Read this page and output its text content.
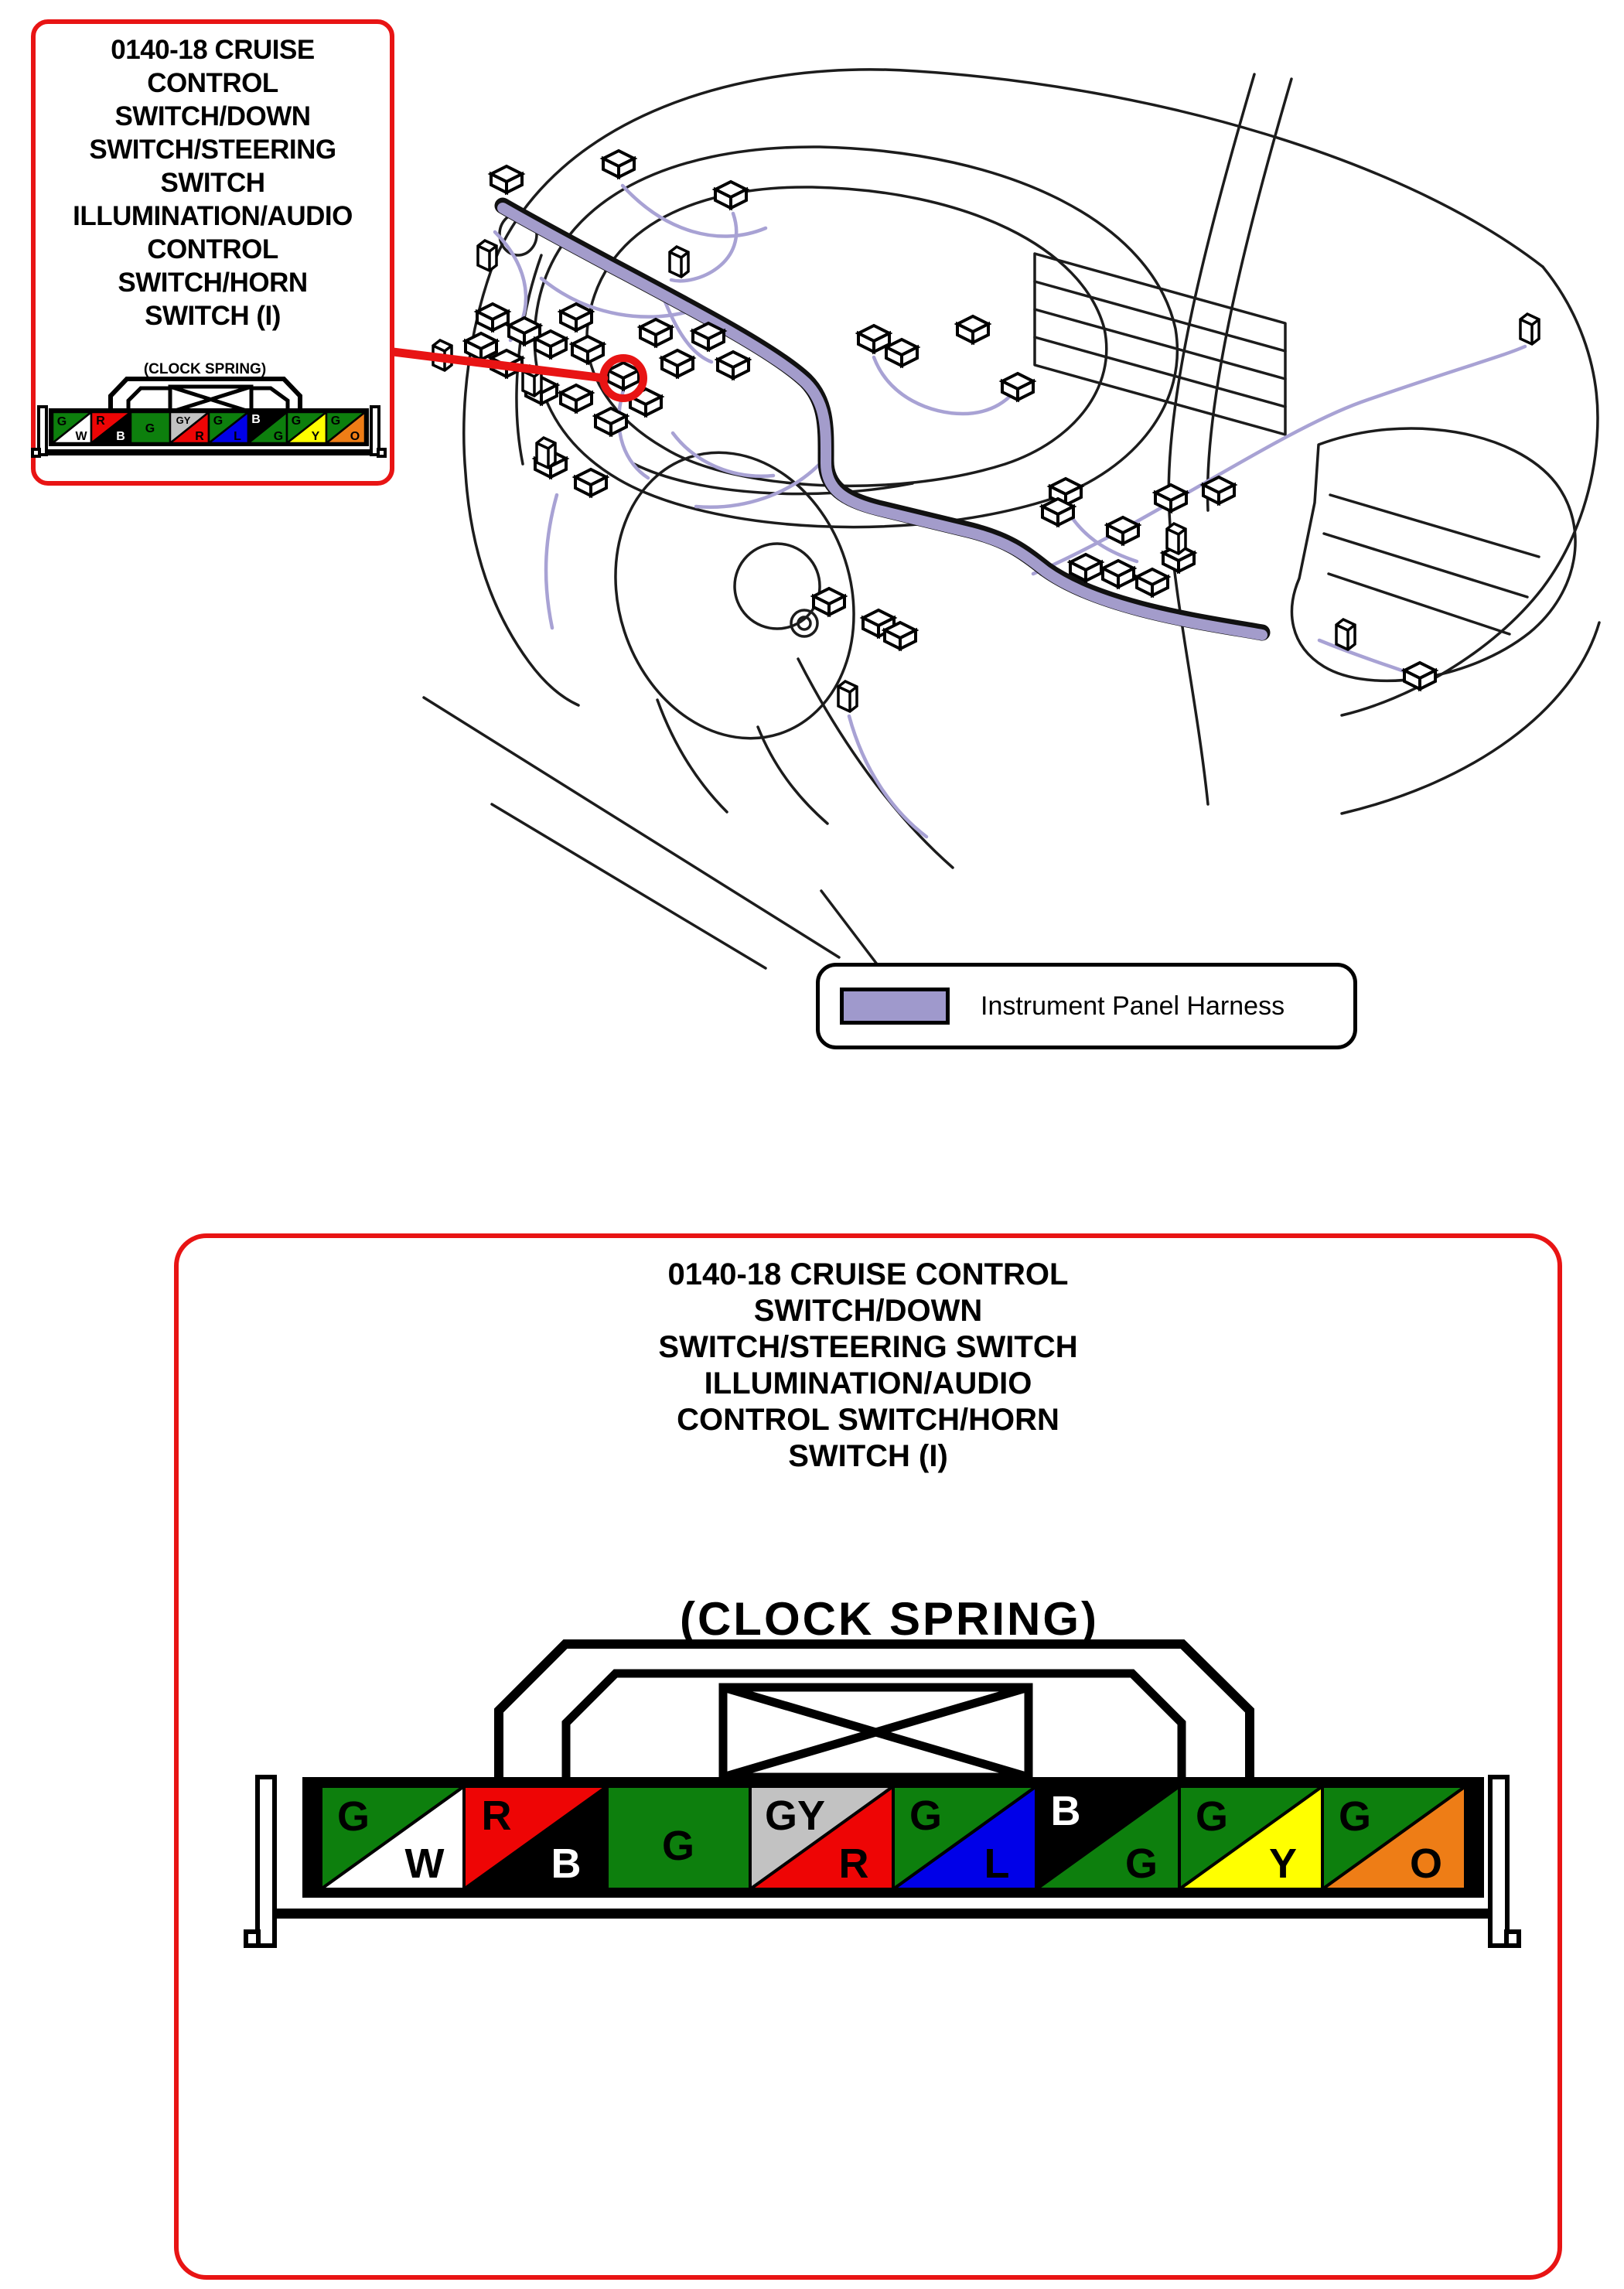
0140-18 CRUISE
CONTROL
SWITCH/DOWN
SWITCH/STEERING
SWITCH
ILLUMINATION/AUDIO
CONTROL
SWITCH/HORN
SWITCH (I)
(CLOCK SPRING)
G
W
R
B
G
GY
R
G
L
B
G
G
Y
G
O
Instrument Panel Harness
0140-18 CRUISE CONTROL
SWITCH/DOWN
SWITCH/STEERING SWITCH
ILLUMINATION/AUDIO
CONTROL SWITCH/HORN
SWITCH (I)
(CLOCK SPRING)
G
W
R
B G
GY
R
G
L
B
G
G
Y
G
O
